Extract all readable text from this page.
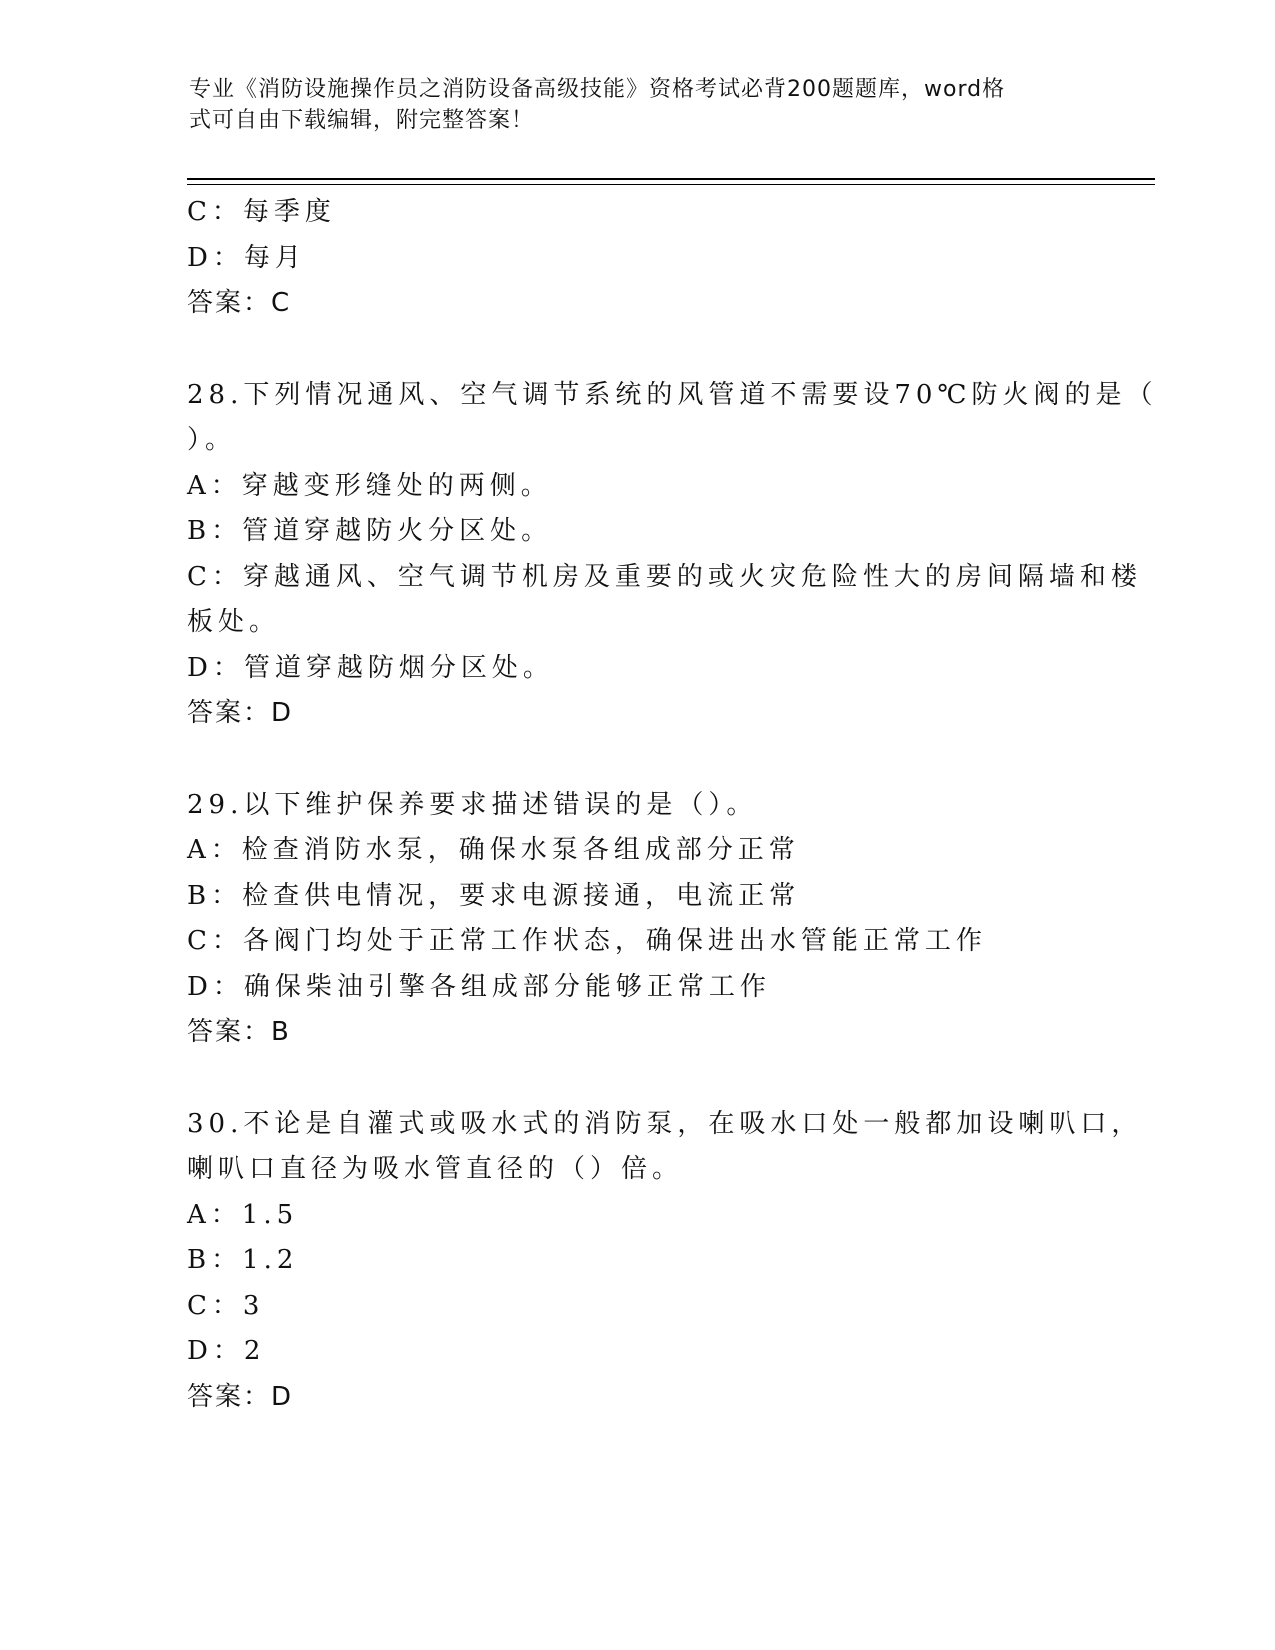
专业《消防设施操作员之消防设备高级技能》资格考试必背200题题库，word格
式可自由下载编辑，附完整答案！
C：每季度
D：每月
答案：C
28.下列情况通风、空气调节系统的风管道不需要设70℃防火阀的是（
）。
A：穿越变形缝处的两侧。
B：管道穿越防火分区处。
C：穿越通风、空气调节机房及重要的或火灾危险性大的房间隔墙和楼
板处。
D：管道穿越防烟分区处。
答案：D
29.以下维护保养要求描述错误的是（）。
A：检查消防水泵，确保水泵各组成部分正常
B：检查供电情况，要求电源接通，电流正常
C：各阀门均处于正常工作状态，确保进出水管能正常工作
D：确保柴油引擎各组成部分能够正常工作
答案：B
30.不论是自灌式或吸水式的消防泵，在吸水口处一般都加设喇叭口，
喇叭口直径为吸水管直径的（）倍。
A：1.5
B：1.2
C：3
D：2
答案：D
